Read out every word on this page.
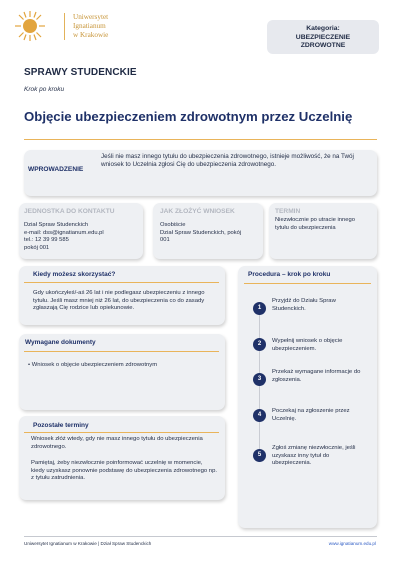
Uniwersytet
Ignatianum
w Krakowie
Kategoria:
UBEZPIECZENIE
ZDROWOTNE
SPRAWY STUDENCKIE
Krok po kroku
Objęcie ubezpieczeniem zdrowotnym przez Uczelnię
WPROWADZENIE
Jeśli nie masz innego tytułu do ubezpieczenia zdrowotnego, istnieje możliwość, że na Twój wniosek to Uczelnia zgłosi Cię do ubezpieczenia zdrowotnego.
JEDNOSTKA DO KONTAKTU
Dział Spraw Studenckich
e-mail: dss@ignatianum.edu.pl
tel.: 12 39 99 585
pokój 001
JAK ZŁOŻYĆ WNIOSEK
Osobiście
Dział Spraw Studenckich, pokój
001
TERMIN
Niezwłocznie po utracie innego
tytułu do ubezpieczenia
Kiedy możesz skorzystać?
Gdy ukończyłeś/-aś 26 lat i nie podlegasz ubezpieczeniu z innego tytułu. Jeśli masz mniej niż 26 lat, do ubezpieczenia co do zasady zgłaszają Cię rodzice lub opiekunowie.
Wymagane dokumenty
• Wniosek o objęcie ubezpieczeniem zdrowotnym
Pozostałe terminy
Wniosek złóż wtedy, gdy nie masz innego tytułu do ubezpieczenia zdrowotnego.
Pamiętaj, żeby niezwłocznie poinformować uczelnię w momencie, kiedy uzyskasz ponownie podstawę do ubezpieczenia zdrowotnego np. z tytułu zatrudnienia.
Procedura – krok po kroku
1
Przyjdź do Działu Spraw Studenckich.
2	Wypełnij wniosek o objęcie ubezpieczeniem.
3
Przekaż wymagane informacje do zgłoszenia.
4
Poczekaj na zgłoszenie przez Uczelnię.
5
Zgłoś zmianę niezwłocznie, jeśli uzyskasz inny tytuł do ubezpieczenia.
Uniwersytet Ignatianum w Krakowie | Dział Spraw Studenckich	www.ignatianum.edu.pl
